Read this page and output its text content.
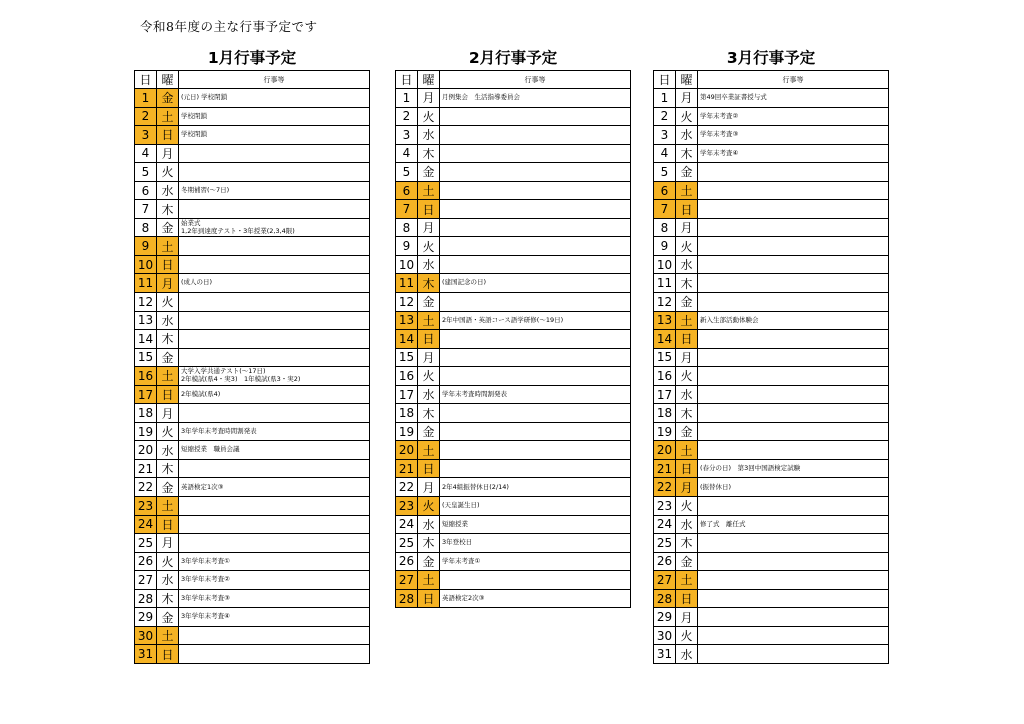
令和8年度の主な行事予定です
1月行事予定
日	曜	行事等
1	金	(元日) 学校閉鎖
2	土	学校閉鎖
3	日	学校閉鎖
4	月	
5	火	
6	水	冬期補習(～7日)
7	木	
8	金	始業式
1,2年到達度テスト・3年授業(2,3,4限)
9	土	
10	日	
11	月	(成人の日)
12	火	
13	水	
14	木	
15	金	
16	土	大学入学共通テスト(～17日)
2年模試(県4・実3)　1年模試(県3・実2)
17	日	2年模試(県4)
18	月	
19	火	3年学年末考査時間割発表
20	水	短縮授業　職員会議
21	木	
22	金	英語検定1次③
23	土	
24	日	
25	月	
26	火	3年学年末考査①
27	水	3年学年末考査②
28	木	3年学年末考査③
29	金	3年学年末考査④
30	土	
31	日	
2月行事予定
日	曜	行事等
1	月	月例集会　生活指導委員会
2	火	
3	水	
4	木	
5	金	
6	土	
7	日	
8	月	
9	火	
10	水	
11	木	(建国記念の日)
12	金	
13	土	2年中国語・英語コース語学研修(～19日)
14	日	
15	月	
16	火	
17	水	学年末考査時間割発表
18	木	
19	金	
20	土	
21	日	
22	月	2年4組振替休日(2/14)
23	火	(天皇誕生日)
24	水	短縮授業
25	木	3年登校日
26	金	学年末考査①
27	土	
28	日	英語検定2次③

3月行事予定
日	曜	行事等
1	月	第49回卒業証書授与式
2	火	学年末考査②
3	水	学年末考査③
4	木	学年末考査④
5	金	
6	土	
7	日	
8	月	
9	火	
10	水	
11	木	
12	金	
13	土	新入生部活動体験会
14	日	
15	月	
16	火	
17	水	
18	木	
19	金	
20	土	
21	日	(春分の日)　第3回中国語検定試験
22	月	(振替休日)
23	火	
24	水	修了式　離任式
25	木	
26	金	
27	土	
28	日	
29	月	
30	火	
31	水	
